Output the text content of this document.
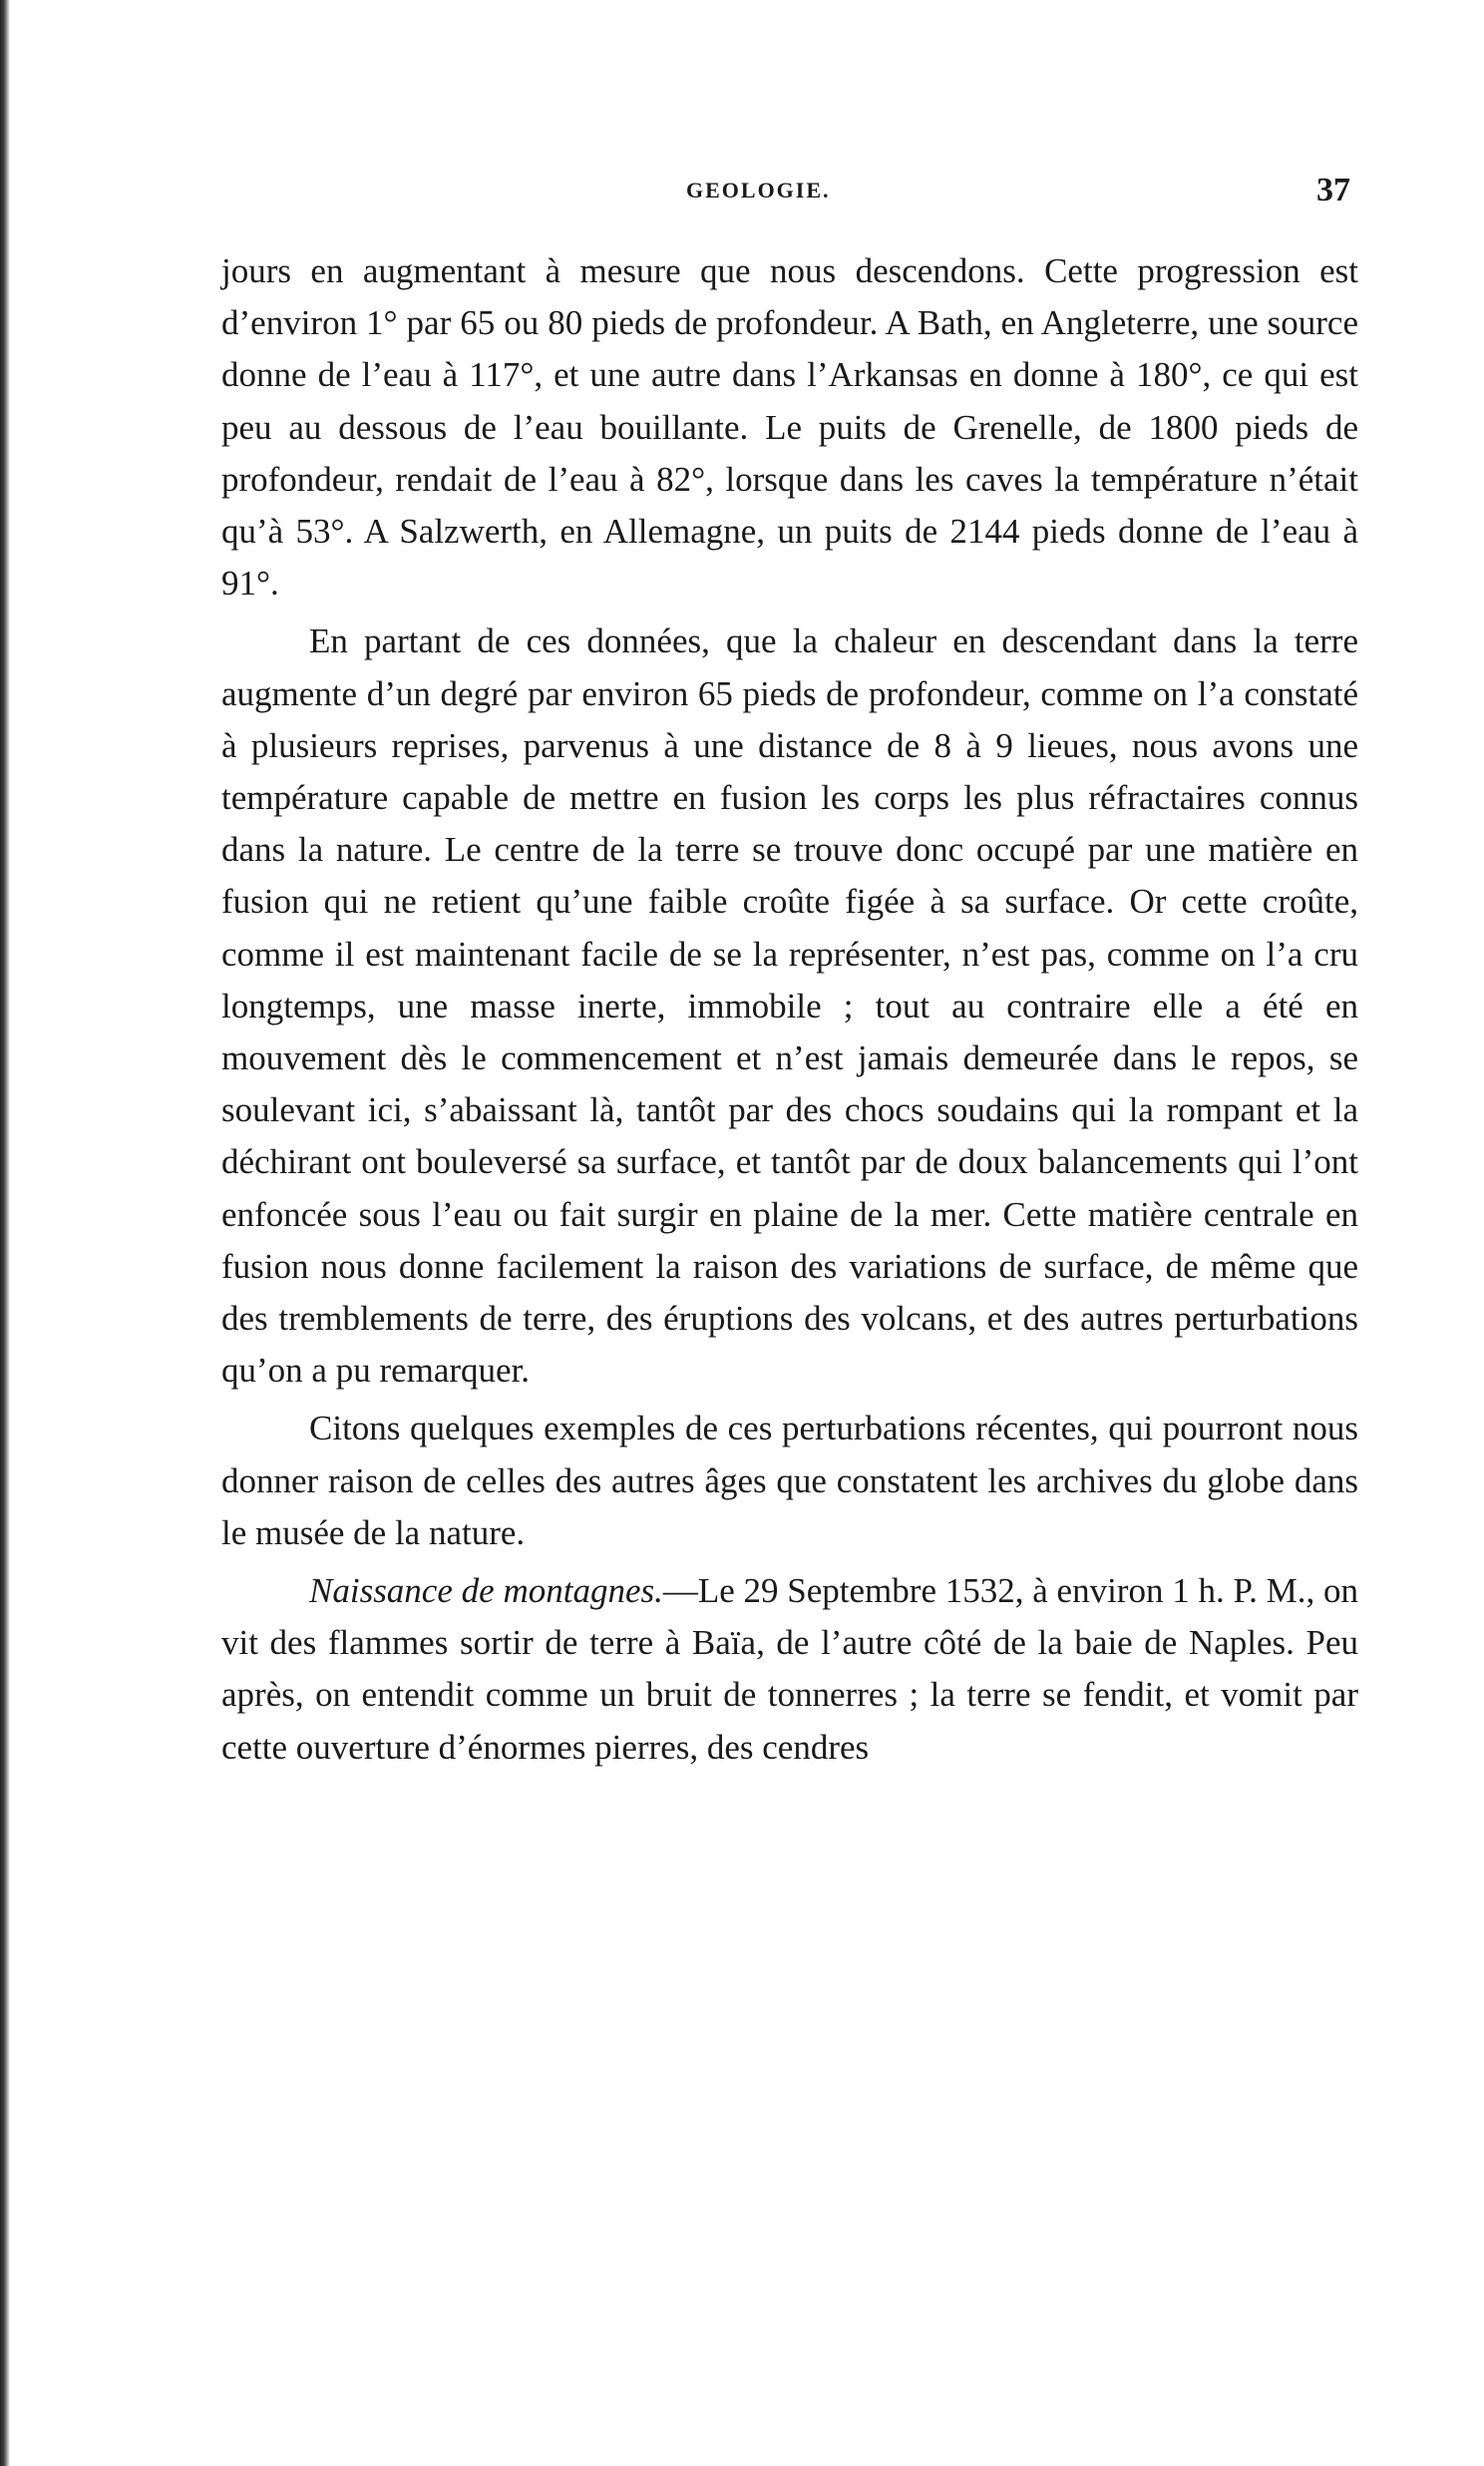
GEOLOGIE.	37

jours en augmentant à mesure que nous descendons. Cette progression est d’environ 1° par 65 ou 80 pieds de profondeur. A Bath, en Angleterre, une source donne de l’eau à 117°, et une autre dans l’Arkansas en donne à 180°, ce qui est peu au dessous de l’eau bouillante. Le puits de Grenelle, de 1800 pieds de profondeur, rendait de l’eau à 82°, lorsque dans les caves la température n’était qu’à 53°. A Salzwerth, en Allemagne, un puits de 2144 pieds donne de l’eau à 91°.

En partant de ces données, que la chaleur en descendant dans la terre augmente d’un degré par environ 65 pieds de profondeur, comme on l’a constaté à plusieurs reprises, parvenus à une distance de 8 à 9 lieues, nous avons une température capable de mettre en fusion les corps les plus réfractaires connus dans la nature. Le centre de la terre se trouve donc occupé par une matière en fusion qui ne retient qu’une faible croûte figée à sa surface. Or cette croûte, comme il est maintenant facile de se la représenter, n’est pas, comme on l’a cru longtemps, une masse inerte, immobile ; tout au contraire elle a été en mouvement dès le commencement et n’est jamais demeurée dans le repos, se soulevant ici, s’abaissant là, tantôt par des chocs soudains qui la rompant et la déchirant ont bouleversé sa surface, et tantôt par de doux balancements qui l’ont enfoncée sous l’eau ou fait surgir en plaine de la mer. Cette matière centrale en fusion nous donne facilement la raison des variations de surface, de même que des tremblements de terre, des éruptions des volcans, et des autres perturbations qu’on a pu remarquer.

Citons quelques exemples de ces perturbations récentes, qui pourront nous donner raison de celles des autres âges que constatent les archives du globe dans le musée de la nature.

Naissance de montagnes.—Le 29 Septembre 1532, à environ 1 h. P. M., on vit des flammes sortir de terre à Baïa, de l’autre côté de la baie de Naples. Peu après, on entendit comme un bruit de tonnerres ; la terre se fendit, et vomit par cette ouverture d’énormes pierres, des cendres
